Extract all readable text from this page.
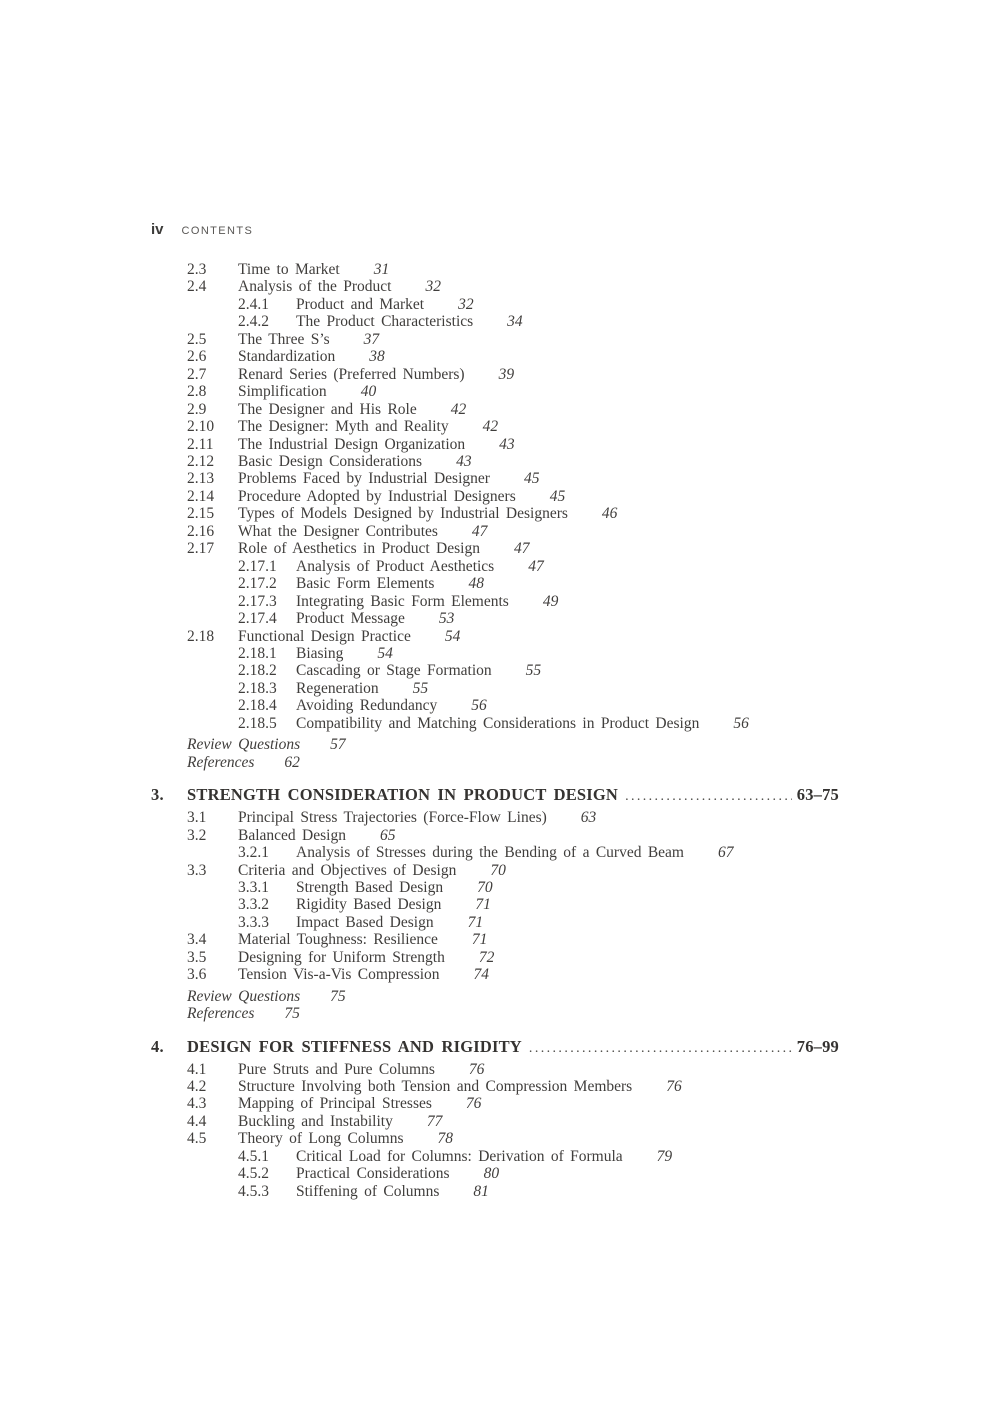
iv CONTENTS
2.3	Time to Market 31
2.4	Analysis of the Product 32
2.4.1	Product and Market 32
2.4.2	The Product Characteristics 34
2.5	The Three S’s 37
2.6	Standardization 38
2.7	Renard Series (Preferred Numbers) 39
2.8	Simplification 40
2.9	The Designer and His Role 42
2.10	The Designer: Myth and Reality 42
2.11	The Industrial Design Organization 43
2.12	Basic Design Considerations 43
2.13	Problems Faced by Industrial Designer 45
2.14	Procedure Adopted by Industrial Designers 45
2.15	Types of Models Designed by Industrial Designers 46
2.16	What the Designer Contributes 47
2.17	Role of Aesthetics in Product Design 47
2.17.1	Analysis of Product Aesthetics 47
2.17.2	Basic Form Elements 48
2.17.3	Integrating Basic Form Elements 49
2.17.4	Product Message 53
2.18	Functional Design Practice 54
2.18.1	Biasing 54
2.18.2	Cascading or Stage Formation 55
2.18.3	Regeneration 55
2.18.4	Avoiding Redundancy 56
2.18.5	Compatibility and Matching Considerations in Product Design 56
Review Questions 57
References 62
3.	STRENGTH CONSIDERATION IN PRODUCT DESIGN .....	63–75
3.1	Principal Stress Trajectories (Force-Flow Lines) 63
3.2	Balanced Design 65
3.2.1	Analysis of Stresses during the Bending of a Curved Beam 67
3.3	Criteria and Objectives of Design 70
3.3.1	Strength Based Design 70
3.3.2	Rigidity Based Design 71
3.3.3	Impact Based Design 71
3.4	Material Toughness: Resilience 71
3.5	Designing for Uniform Strength 72
3.6	Tension Vis-a-Vis Compression 74
Review Questions 75
References 75
4.	DESIGN FOR STIFFNESS AND RIGIDITY .....	76–99
4.1	Pure Struts and Pure Columns 76
4.2	Structure Involving both Tension and Compression Members 76
4.3	Mapping of Principal Stresses 76
4.4	Buckling and Instability 77
4.5	Theory of Long Columns 78
4.5.1	Critical Load for Columns: Derivation of Formula 79
4.5.2	Practical Considerations 80
4.5.3	Stiffening of Columns 81
